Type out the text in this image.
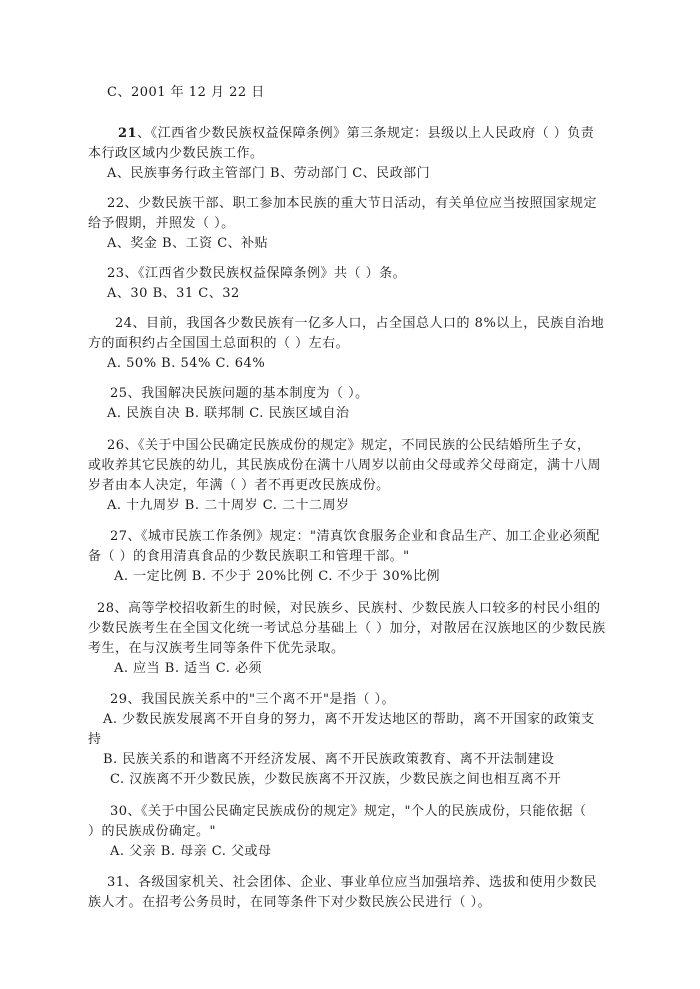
C、2001 年 12 月 22 日
21、《江西省少数民族权益保障条例》第三条规定：县级以上人民政府（ ）负责
本行政区域内少数民族工作。
A、民族事务行政主管部门 B、劳动部门 C、民政部门
22、少数民族干部、职工参加本民族的重大节日活动，有关单位应当按照国家规定
给予假期，并照发（ ）。
A、奖金 B、工资 C、补贴
23、《江西省少数民族权益保障条例》共（ ）条。
A、30 B、31 C、32
24、目前，我国各少数民族有一亿多人口，占全国总人口的 8%以上，民族自治地
方的面积约占全国国土总面积的（ ）左右。
A. 50% B. 54% C. 64%
25、我国解决民族问题的基本制度为（ ）。
A. 民族自决 B. 联邦制 C. 民族区域自治
26、《关于中国公民确定民族成份的规定》规定，不同民族的公民结婚所生子女，
或收养其它民族的幼儿，其民族成份在满十八周岁以前由父母或养父母商定，满十八周
岁者由本人决定，年满（ ）者不再更改民族成份。
A. 十九周岁 B. 二十周岁 C. 二十二周岁
27、《城市民族工作条例》规定："清真饮食服务企业和食品生产、加工企业必须配
备（ ）的食用清真食品的少数民族职工和管理干部。"
A. 一定比例 B. 不少于 20%比例 C. 不少于 30%比例
28、高等学校招收新生的时候，对民族乡、民族村、少数民族人口较多的村民小组的
少数民族考生在全国文化统一考试总分基础上（ ）加分，对散居在汉族地区的少数民族
考生，在与汉族考生同等条件下优先录取。
A. 应当 B. 适当 C. 必须
29、我国民族关系中的"三个离不开"是指（ ）。
A. 少数民族发展离不开自身的努力，离不开发达地区的帮助，离不开国家的政策支
持
B. 民族关系的和谐离不开经济发展、离不开民族政策教育、离不开法制建设
C. 汉族离不开少数民族，少数民族离不开汉族，少数民族之间也相互离不开
30、《关于中国公民确定民族成份的规定》规定，"个人的民族成份，只能依据（
）的民族成份确定。"
A. 父亲 B. 母亲 C. 父或母
31、各级国家机关、社会团体、企业、事业单位应当加强培养、选拔和使用少数民
族人才。在招考公务员时，在同等条件下对少数民族公民进行（ ）。
